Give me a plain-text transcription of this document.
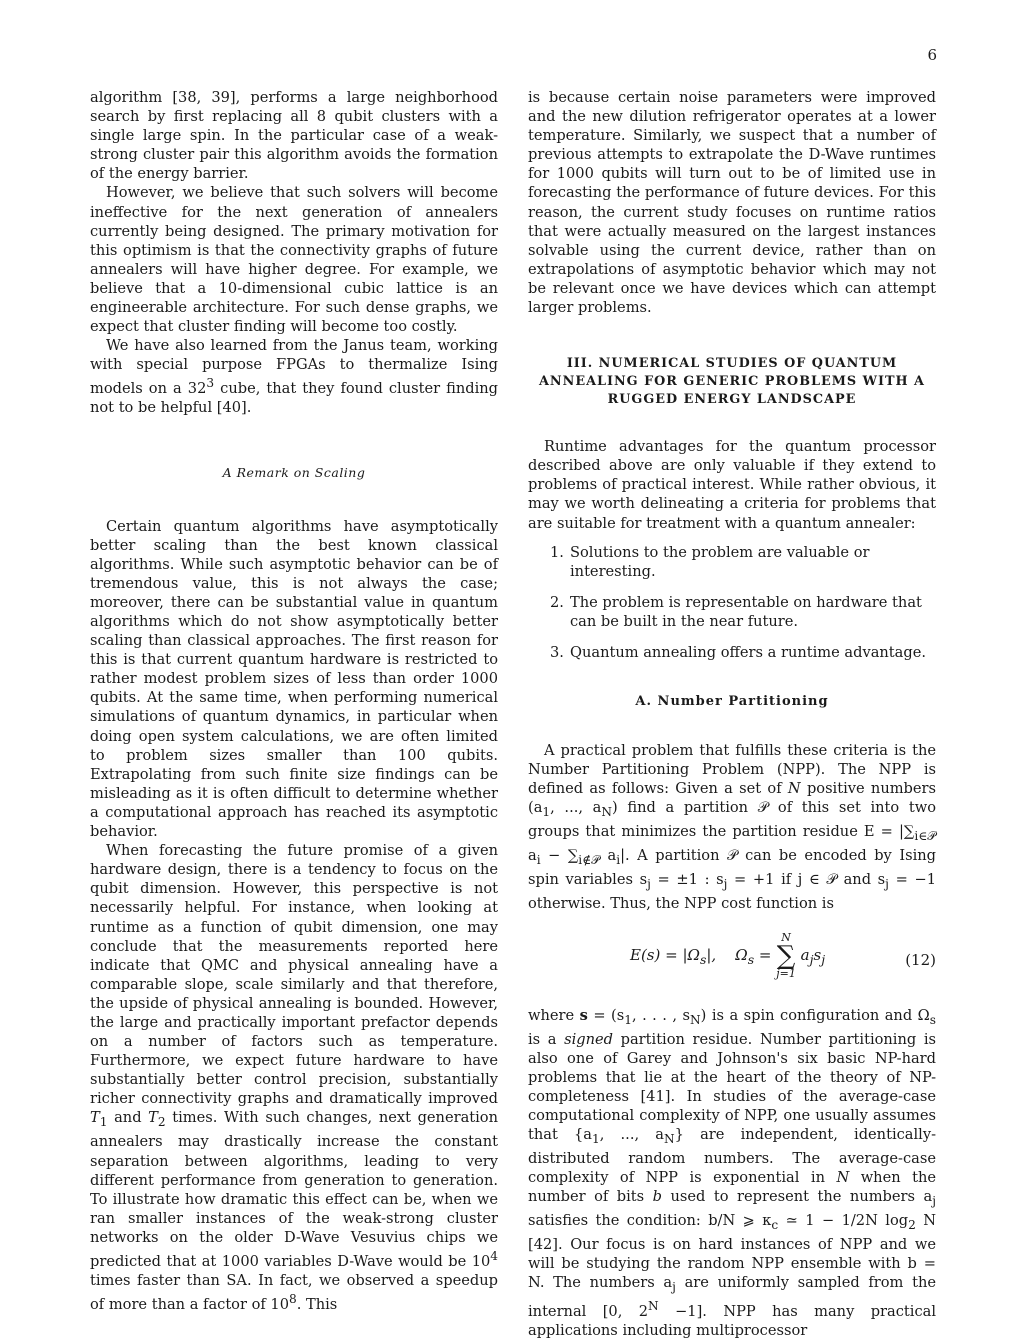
6

algorithm [38, 39], performs a large neighborhood search by first replacing all 8 qubit clusters with a single large spin. In the particular case of a weak-strong cluster pair this algorithm avoids the formation of the energy barrier.

However, we believe that such solvers will become ineffective for the next generation of annealers currently being designed. The primary motivation for this optimism is that the connectivity graphs of future annealers will have higher degree. For example, we believe that a 10-dimensional cubic lattice is an engineerable architecture. For such dense graphs, we expect that cluster finding will become too costly.

We have also learned from the Janus team, working with special purpose FPGAs to thermalize Ising models on a $32^3$ cube, that they found cluster finding not to be helpful [40].

A Remark on Scaling

Certain quantum algorithms have asymptotically better scaling than the best known classical algorithms. While such asymptotic behavior can be of tremendous value, this is not always the case; moreover, there can be substantial value in quantum algorithms which do not show asymptotically better scaling than classical approaches. The first reason for this is that current quantum hardware is restricted to rather modest problem sizes of less than order 1000 qubits. At the same time, when performing numerical simulations of quantum dynamics, in particular when doing open system calculations, we are often limited to problem sizes smaller than 100 qubits. Extrapolating from such finite size findings can be misleading as it is often difficult to determine whether a computational approach has reached its asymptotic behavior.

When forecasting the future promise of a given hardware design, there is a tendency to focus on the qubit dimension. However, this perspective is not necessarily helpful. For instance, when looking at runtime as a function of qubit dimension, one may conclude that the measurements reported here indicate that QMC and physical annealing have a comparable slope, scale similarly and that therefore, the upside of physical annealing is bounded. However, the large and practically important prefactor depends on a number of factors such as temperature. Furthermore, we expect future hardware to have substantially better control precision, substantially richer connectivity graphs and dramatically improved $T_1$ and $T_2$ times. With such changes, next generation annealers may drastically increase the constant separation between algorithms, leading to very different performance from generation to generation. To illustrate how dramatic this effect can be, when we ran smaller instances of the weak-strong cluster networks on the older D-Wave Vesuvius chips we predicted that at 1000 variables D-Wave would be $10^4$ times faster than SA. In fact, we observed a speedup of more than a factor of $10^8$. This

is because certain noise parameters were improved and the new dilution refrigerator operates at a lower temperature. Similarly, we suspect that a number of previous attempts to extrapolate the D-Wave runtimes for 1000 qubits will turn out to be of limited use in forecasting the performance of future devices. For this reason, the current study focuses on runtime ratios that were actually measured on the largest instances solvable using the current device, rather than on extrapolations of asymptotic behavior which may not be relevant once we have devices which can attempt larger problems.

III. NUMERICAL STUDIES OF QUANTUM ANNEALING FOR GENERIC PROBLEMS WITH A RUGGED ENERGY LANDSCAPE

Runtime advantages for the quantum processor described above are only valuable if they extend to problems of practical interest. While rather obvious, it may we worth delineating a criteria for problems that are suitable for treatment with a quantum annealer:

1. Solutions to the problem are valuable or interesting.
2. The problem is representable on hardware that can be built in the near future.
3. Quantum annealing offers a runtime advantage.
A. Number Partitioning

A practical problem that fulfills these criteria is the Number Partitioning Problem (NPP). The NPP is defined as follows: Given a set of N positive numbers ($a_1$, ..., $a_N$) find a partition 𝒫 of this set into two groups that minimizes the partition residue $E = |\sum_{i\in 𝒫}$ $a_i - \sum_{i\notin 𝒫}$ $a_i|$. A partition 𝒫 can be encoded by Ising spin variables $s_j = \pm 1$ : $s_j = +1$ if j ∈ 𝒫 and $s_j = -1$ otherwise. Thus, the NPP cost function is

$E(s) = |\Omega_s|$, $\Omega_s$ =
N
∑
j=1
$a_js_j$	(12)

where $s = (s_1$, . . . , $s_N$) is a spin configuration and $\Omega_s$ is a signed partition residue. Number partitioning is also one of Garey and Johnson's six basic NP-hard problems that lie at the heart of the theory of NP-completeness [41]. In studies of the average-case computational complexity of NPP, one usually assumes that {$a_1$, ..., $a_N$} are independent, identically-distributed random numbers. The average-case complexity of NPP is exponential in N when the number of bits b used to represent the numbers $a_j$ satisfies the condition: b/N ⩾ $\kappa_c$ ≃ 1 − 1/2N $\log_2 N$ [42]. Our focus is on hard instances of NPP and we will be studying the random NPP ensemble with b = N. The numbers $a_j$ are uniformly sampled from the internal [0, $2^N -1$]. NPP has many practical applications including multiprocessor
